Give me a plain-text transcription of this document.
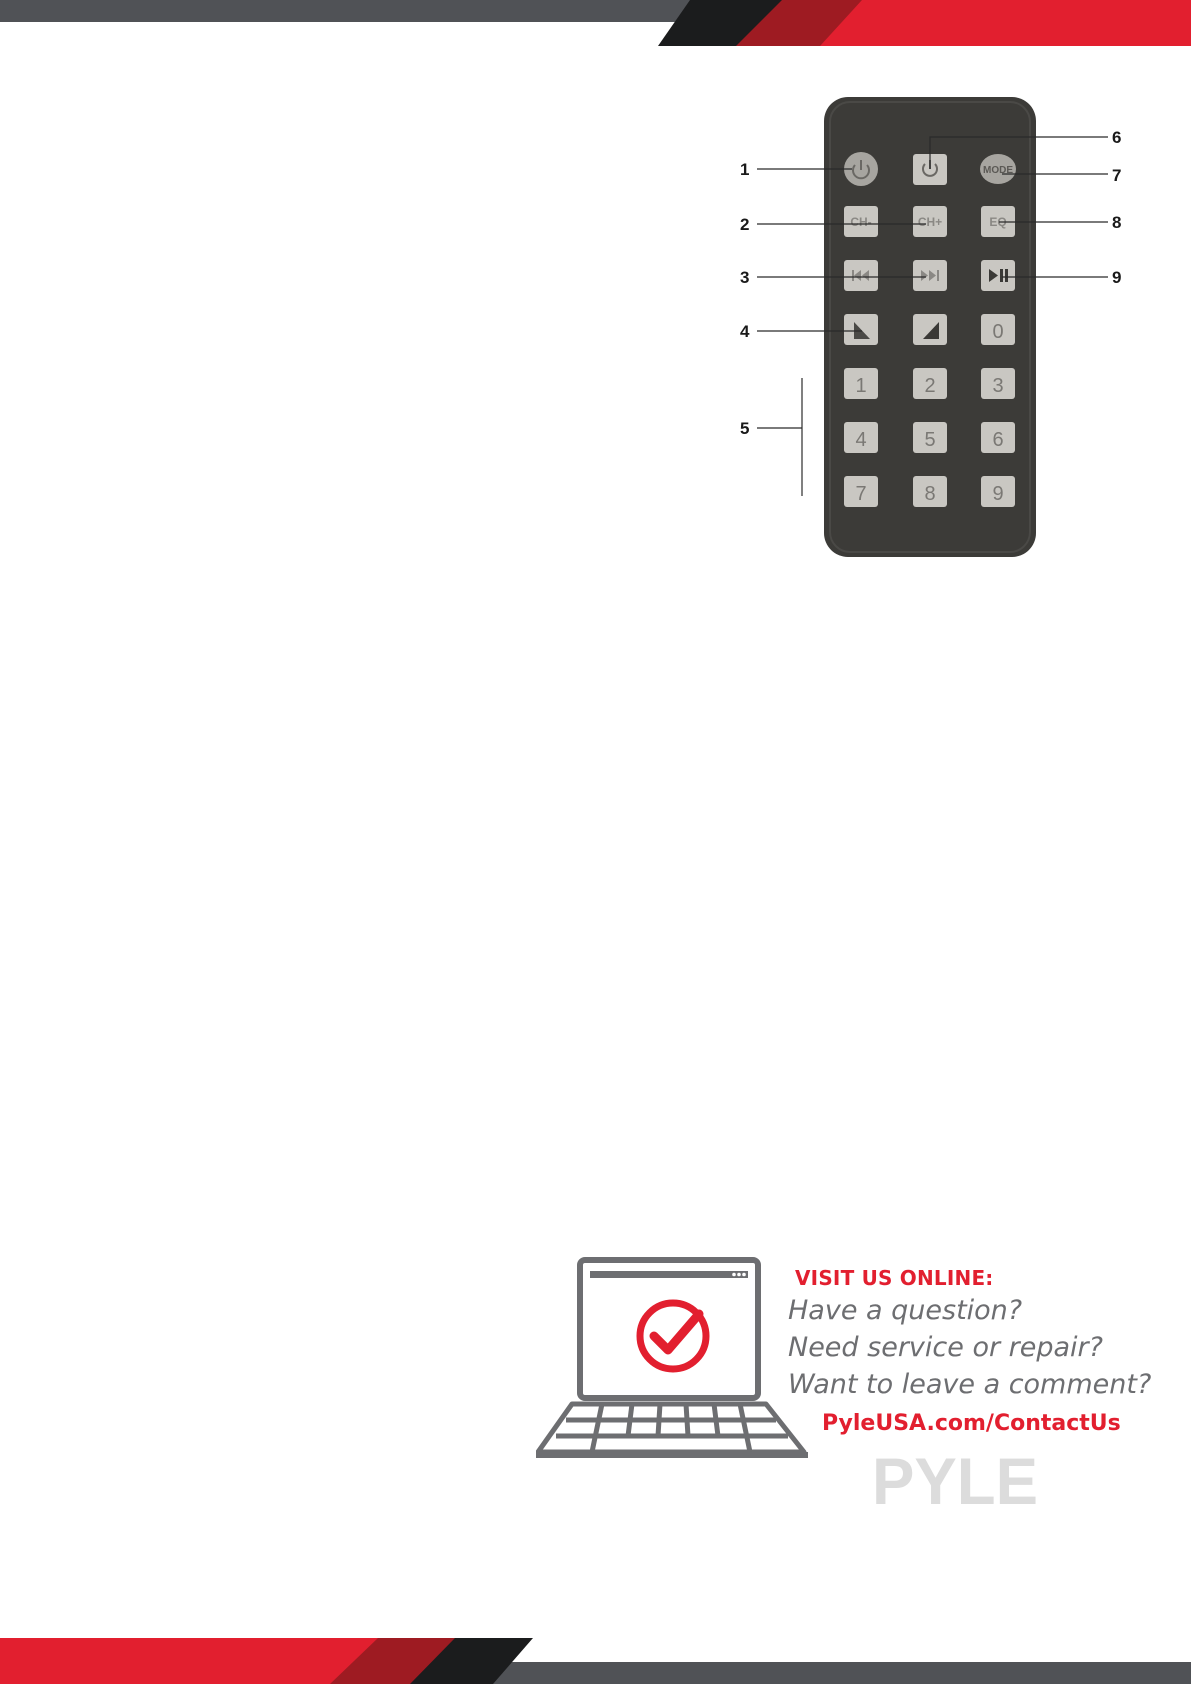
MODE
CH-	CH+	EQ
0
1	2	3
4	5	6
7	8	9
1
2
3
4
5
6
7
8
9
VISIT US ONLINE:
Have a question?
Need service or repair?
Want to leave a comment?
PyleUSA.com/ContactUs
PYLE
